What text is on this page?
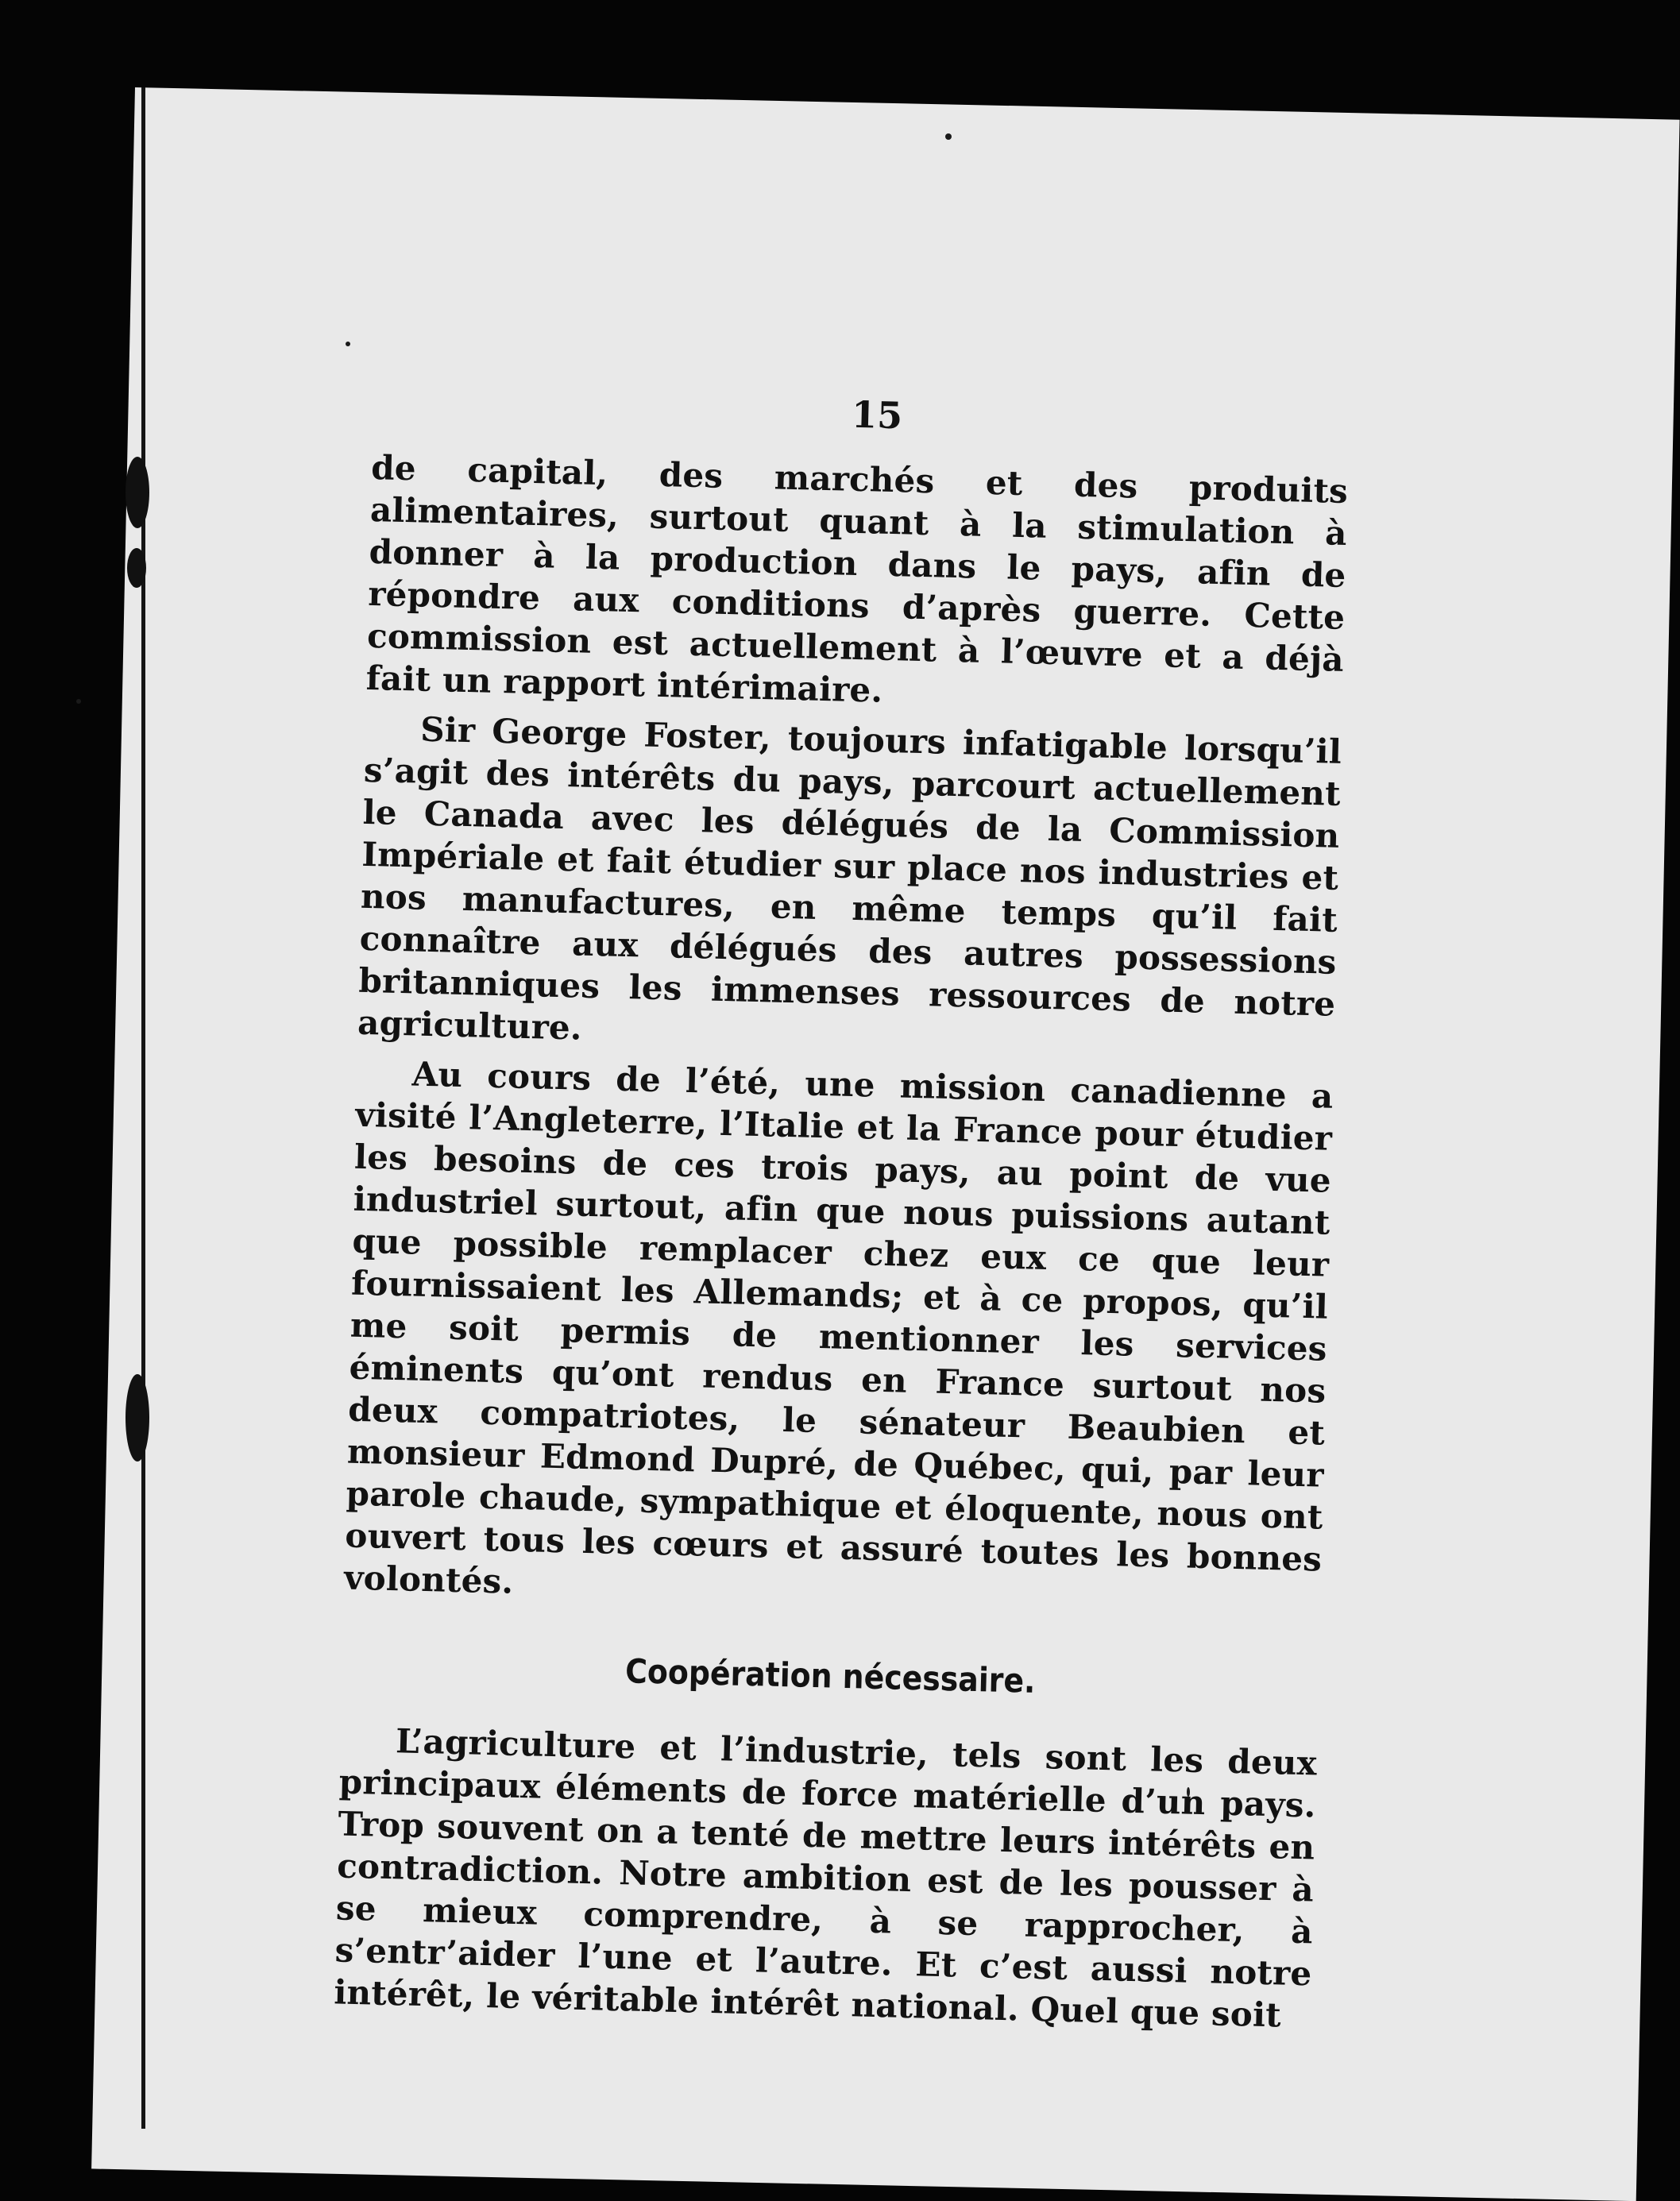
15

de capital, des marchés et des produits alimentaires, surtout quant à la stimulation à donner à la production dans le pays, afin de répondre aux conditions d’après guerre. Cette commission est actuellement à l’œuvre et a déjà fait un rapport intérimaire.

Sir George Foster, toujours infatigable lorsqu’il s’agit des intérêts du pays, parcourt actuellement le Canada avec les délégués de la Commission Impériale et fait étudier sur place nos industries et nos manufactures, en même temps qu’il fait connaître aux délégués des autres possessions britanniques les immenses ressources de notre agriculture.

Au cours de l’été, une mission canadienne a visité l’Angleterre, l’Italie et la France pour étudier les besoins de ces trois pays, au point de vue industriel surtout, afin que nous puissions autant que possible remplacer chez eux ce que leur fournissaient les Allemands; et à ce propos, qu’il me soit permis de mentionner les services éminents qu’ont rendus en France surtout nos deux compatriotes, le sénateur Beaubien et monsieur Edmond Dupré, de Québec, qui, par leur parole chaude, sympathique et éloquente, nous ont ouvert tous les cœurs et assuré toutes les bonnes volontés.

Coopération nécessaire.

L’agriculture et l’industrie, tels sont les deux principaux éléments de force matérielle d’un pays. Trop souvent on a tenté de mettre leurs intérêts en contradiction. Notre ambition est de les pousser à se mieux comprendre, à se rapprocher, à s’entr’aider l’une et l’autre. Et c’est aussi notre intérêt, le véritable intérêt national. Quel que soit
